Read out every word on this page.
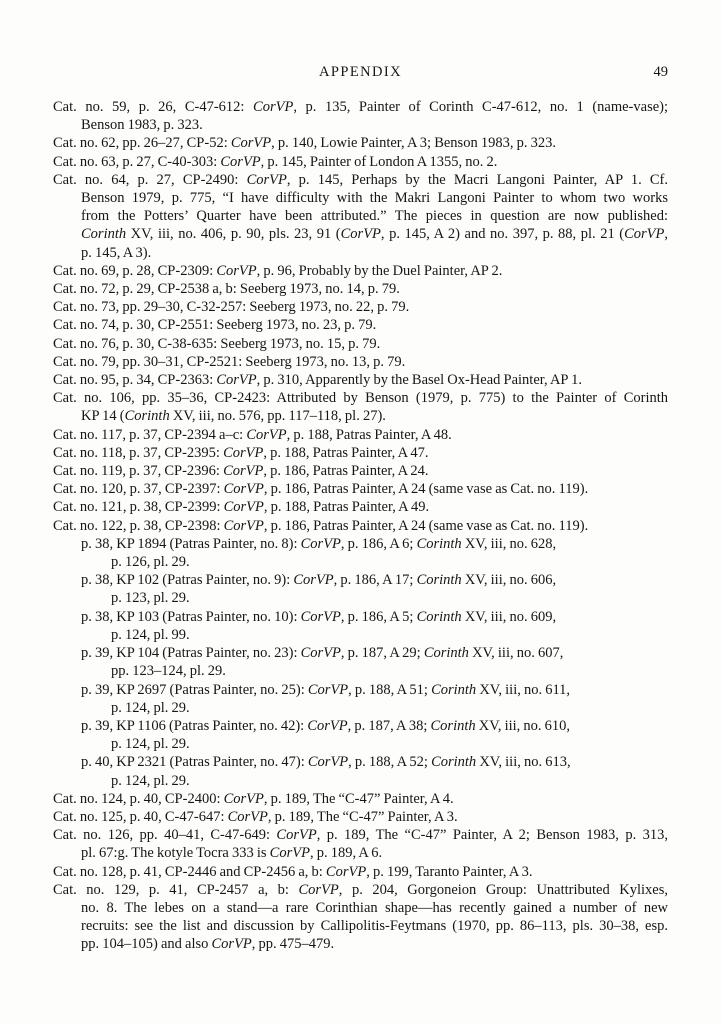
APPENDIX	49
Cat. no. 59, p. 26, C-47-612: CorVP, p. 135, Painter of Corinth C-47-612, no. 1 (name-vase);
Benson 1983, p. 323.
Cat. no. 62, pp. 26–27, CP-52: CorVP, p. 140, Lowie Painter, A 3; Benson 1983, p. 323.
Cat. no. 63, p. 27, C-40-303: CorVP, p. 145, Painter of London A 1355, no. 2.
Cat. no. 64, p. 27, CP-2490: CorVP, p. 145, Perhaps by the Macri Langoni Painter, AP 1. Cf.
Benson 1979, p. 775, “I have difficulty with the Makri Langoni Painter to whom two works
from the Potters’ Quarter have been attributed.” The pieces in question are now published:
Corinth XV, iii, no. 406, p. 90, pls. 23, 91 (CorVP, p. 145, A 2) and no. 397, p. 88, pl. 21 (CorVP,
p. 145, A 3).
Cat. no. 69, p. 28, CP-2309: CorVP, p. 96, Probably by the Duel Painter, AP 2.
Cat. no. 72, p. 29, CP-2538 a, b: Seeberg 1973, no. 14, p. 79.
Cat. no. 73, pp. 29–30, C-32-257: Seeberg 1973, no. 22, p. 79.
Cat. no. 74, p. 30, CP-2551: Seeberg 1973, no. 23, p. 79.
Cat. no. 76, p. 30, C-38-635: Seeberg 1973, no. 15, p. 79.
Cat. no. 79, pp. 30–31, CP-2521: Seeberg 1973, no. 13, p. 79.
Cat. no. 95, p. 34, CP-2363: CorVP, p. 310, Apparently by the Basel Ox-Head Painter, AP 1.
Cat. no. 106, pp. 35–36, CP-2423: Attributed by Benson (1979, p. 775) to the Painter of Corinth
KP 14 (Corinth XV, iii, no. 576, pp. 117–118, pl. 27).
Cat. no. 117, p. 37, CP-2394 a–c: CorVP, p. 188, Patras Painter, A 48.
Cat. no. 118, p. 37, CP-2395: CorVP, p. 188, Patras Painter, A 47.
Cat. no. 119, p. 37, CP-2396: CorVP, p. 186, Patras Painter, A 24.
Cat. no. 120, p. 37, CP-2397: CorVP, p. 186, Patras Painter, A 24 (same vase as Cat. no. 119).
Cat. no. 121, p. 38, CP-2399: CorVP, p. 188, Patras Painter, A 49.
Cat. no. 122, p. 38, CP-2398: CorVP, p. 186, Patras Painter, A 24 (same vase as Cat. no. 119).
p. 38, KP 1894 (Patras Painter, no. 8): CorVP, p. 186, A 6; Corinth XV, iii, no. 628,
p. 126, pl. 29.
p. 38, KP 102 (Patras Painter, no. 9): CorVP, p. 186, A 17; Corinth XV, iii, no. 606,
p. 123, pl. 29.
p. 38, KP 103 (Patras Painter, no. 10): CorVP, p. 186, A 5; Corinth XV, iii, no. 609,
p. 124, pl. 99.
p. 39, KP 104 (Patras Painter, no. 23): CorVP, p. 187, A 29; Corinth XV, iii, no. 607,
pp. 123–124, pl. 29.
p. 39, KP 2697 (Patras Painter, no. 25): CorVP, p. 188, A 51; Corinth XV, iii, no. 611,
p. 124, pl. 29.
p. 39, KP 1106 (Patras Painter, no. 42): CorVP, p. 187, A 38; Corinth XV, iii, no. 610,
p. 124, pl. 29.
p. 40, KP 2321 (Patras Painter, no. 47): CorVP, p. 188, A 52; Corinth XV, iii, no. 613,
p. 124, pl. 29.
Cat. no. 124, p. 40, CP-2400: CorVP, p. 189, The “C-47” Painter, A 4.
Cat. no. 125, p. 40, C-47-647: CorVP, p. 189, The “C-47” Painter, A 3.
Cat. no. 126, pp. 40–41, C-47-649: CorVP, p. 189, The “C-47” Painter, A 2; Benson 1983, p. 313,
pl. 67:g. The kotyle Tocra 333 is CorVP, p. 189, A 6.
Cat. no. 128, p. 41, CP-2446 and CP-2456 a, b: CorVP, p. 199, Taranto Painter, A 3.
Cat. no. 129, p. 41, CP-2457 a, b: CorVP, p. 204, Gorgoneion Group: Unattributed Kylixes,
no. 8. The lebes on a stand—a rare Corinthian shape—has recently gained a number of new
recruits: see the list and discussion by Callipolitis-Feytmans (1970, pp. 86–113, pls. 30–38, esp.
pp. 104–105) and also CorVP, pp. 475–479.
